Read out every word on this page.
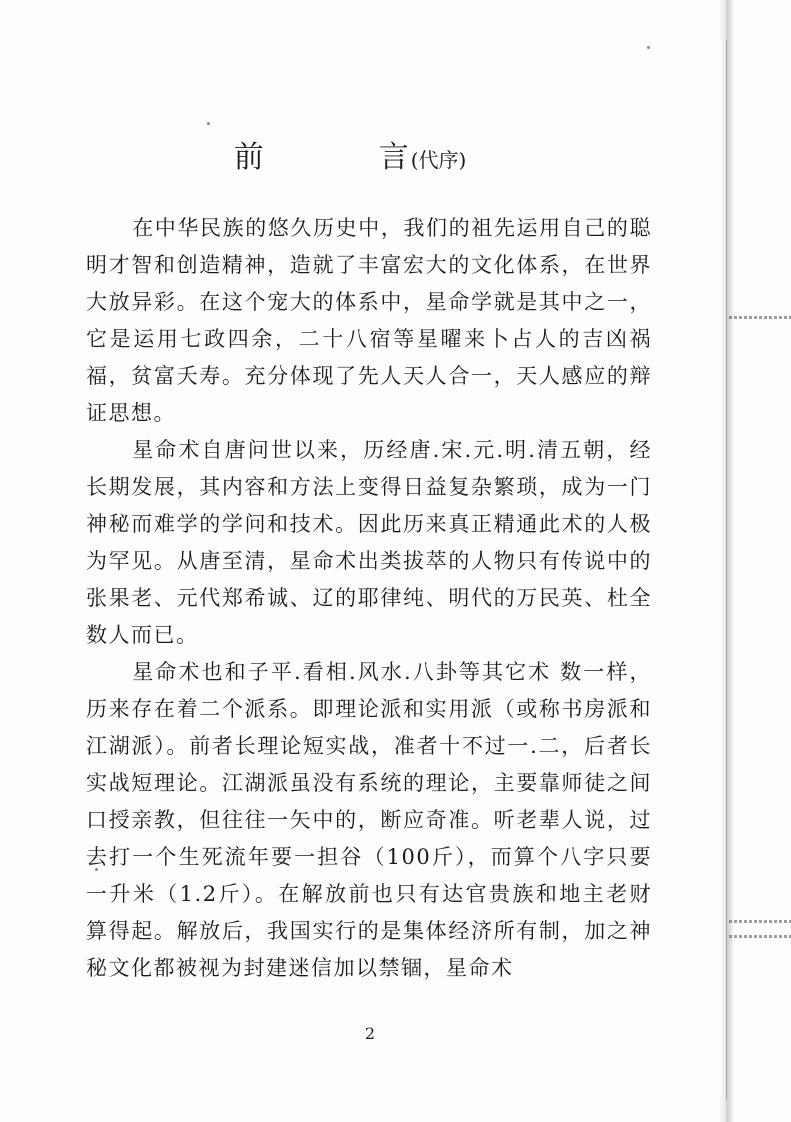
前	言 (代序)

在中华民族的悠久历史中，我们的祖先运用自己的聪明才智和创造精神，造就了丰富宏大的文化体系，在世界大放异彩。在这个宠大的体系中，星命学就是其中之一，它是运用七政四余，二十八宿等星曜来卜占人的吉凶祸福，贫富夭寿。充分体现了先人天人合一，天人感应的辩证思想。

星命术自唐问世以来，历经唐.宋.元.明.清五朝，经长期发展，其内容和方法上变得日益复杂繁琐，成为一门神秘而难学的学问和技术。因此历来真正精通此术的人极为罕见。从唐至清，星命术出类拔萃的人物只有传说中的张果老、元代郑希诚、辽的耶律纯、明代的万民英、杜全数人而已。

星命术也和子平.看相.风水.八卦等其它术 数一样，历来存在着二个派系。即理论派和实用派（或称书房派和江湖派）。前者长理论短实战，准者十不过一.二，后者长实战短理论。江湖派虽没有系统的理论，主要靠师徒之间口授亲教，但往往一矢中的，断应奇准。听老辈人说，过去打一个生死流年要一担谷（100斤），而算个八字只要一升米（1.2斤）。在解放前也只有达官贵族和地主老财算得起。解放后，我国实行的是集体经济所有制，加之神秘文化都被视为封建迷信加以禁锢，星命术

2
